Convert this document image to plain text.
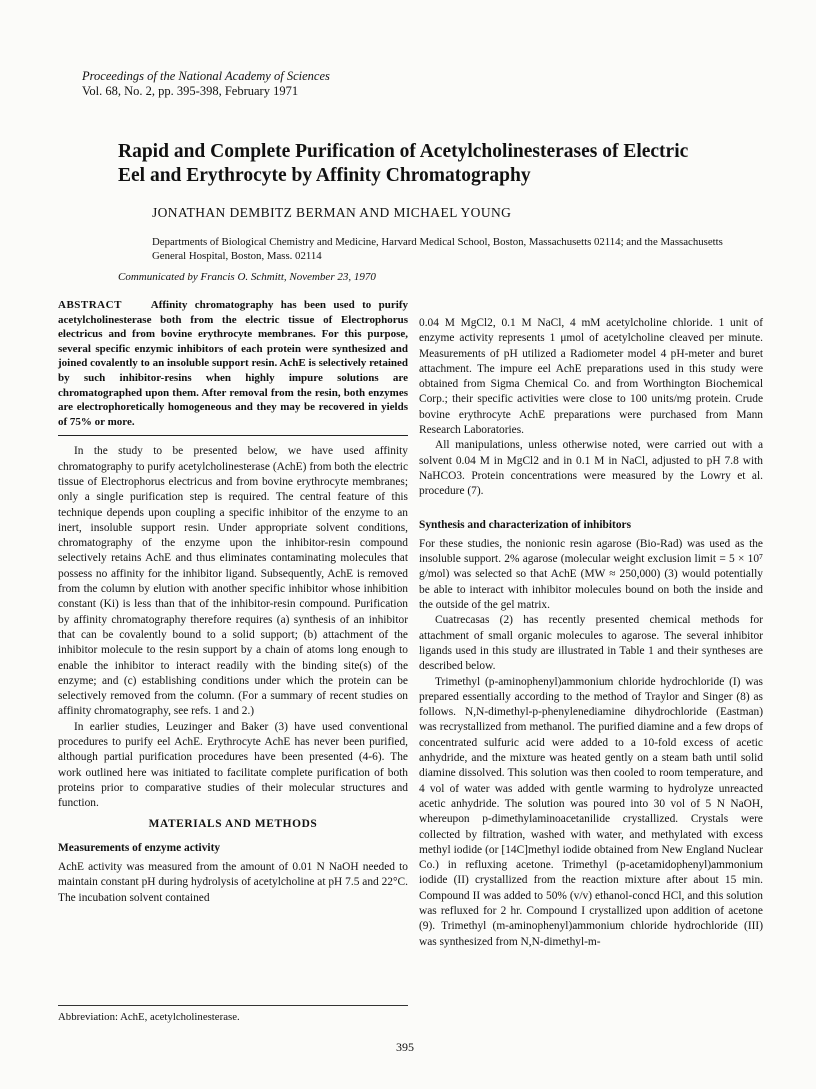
Proceedings of the National Academy of Sciences
Vol. 68, No. 2, pp. 395-398, February 1971
Rapid and Complete Purification of Acetylcholinesterases of Electric Eel and Erythrocyte by Affinity Chromatography
JONATHAN DEMBITZ BERMAN AND MICHAEL YOUNG
Departments of Biological Chemistry and Medicine, Harvard Medical School, Boston, Massachusetts 02114; and the Massachusetts General Hospital, Boston, Mass. 02114
Communicated by Francis O. Schmitt, November 23, 1970
ABSTRACT	Affinity chromatography has been used to purify acetylcholinesterase both from the electric tissue of Electrophorus electricus and from bovine erythrocyte membranes. For this purpose, several specific enzymic inhibitors of each protein were synthesized and joined covalently to an insoluble support resin. AchE is selectively retained by such inhibitor-resins when highly impure solutions are chromatographed upon them. After removal from the resin, both enzymes are electrophoretically homogeneous and they may be recovered in yields of 75% or more.

In the study to be presented below, we have used affinity chromatography to purify acetylcholinesterase (AchE) from both the electric tissue of Electrophorus electricus and from bovine erythrocyte membranes; only a single purification step is required. The central feature of this technique depends upon coupling a specific inhibitor of the enzyme to an inert, insoluble support resin. Under appropriate solvent conditions, chromatography of the enzyme upon the inhibitor-resin compound selectively retains AchE and thus eliminates contaminating molecules that possess no affinity for the inhibitor ligand. Subsequently, AchE is removed from the column by elution with another specific inhibitor whose inhibition constant (Ki) is less than that of the inhibitor-resin compound. Purification by affinity chromatography therefore requires (a) synthesis of an inhibitor that can be covalently bound to a solid support; (b) attachment of the inhibitor molecule to the resin support by a chain of atoms long enough to enable the inhibitor to interact readily with the binding site(s) of the enzyme; and (c) establishing conditions under which the protein can be selectively removed from the column. (For a summary of recent studies on affinity chromatography, see refs. 1 and 2.)

In earlier studies, Leuzinger and Baker (3) have used conventional procedures to purify eel AchE. Erythrocyte AchE has never been purified, although partial purification procedures have been presented (4-6). The work outlined here was initiated to facilitate complete purification of both proteins prior to comparative studies of their molecular structures and function.

MATERIALS AND METHODS
Measurements of enzyme activity

AchE activity was measured from the amount of 0.01 N NaOH needed to maintain constant pH during hydrolysis of acetylcholine at pH 7.5 and 22°C. The incubation solvent contained

0.04 M MgCl2, 0.1 M NaCl, 4 mM acetylcholine chloride. 1 unit of enzyme activity represents 1 μmol of acetylcholine cleaved per minute. Measurements of pH utilized a Radiometer model 4 pH-meter and buret attachment. The impure eel AchE preparations used in this study were obtained from Sigma Chemical Co. and from Worthington Biochemical Corp.; their specific activities were close to 100 units/mg protein. Crude bovine erythrocyte AchE preparations were purchased from Mann Research Laboratories.

All manipulations, unless otherwise noted, were carried out with a solvent 0.04 M in MgCl2 and in 0.1 M in NaCl, adjusted to pH 7.8 with NaHCO3. Protein concentrations were measured by the Lowry et al. procedure (7).

Synthesis and characterization of inhibitors

For these studies, the nonionic resin agarose (Bio-Rad) was used as the insoluble support. 2% agarose (molecular weight exclusion limit = 5 × 10⁷ g/mol) was selected so that AchE (MW ≈ 250,000) (3) would potentially be able to interact with inhibitor molecules bound on both the inside and the outside of the gel matrix.

Cuatrecasas (2) has recently presented chemical methods for attachment of small organic molecules to agarose. The several inhibitor ligands used in this study are illustrated in Table 1 and their syntheses are described below.

Trimethyl (p-aminophenyl)ammonium chloride hydrochloride (I) was prepared essentially according to the method of Traylor and Singer (8) as follows. N,N-dimethyl-p-phenylenediamine dihydrochloride (Eastman) was recrystallized from methanol. The purified diamine and a few drops of concentrated sulfuric acid were added to a 10-fold excess of acetic anhydride, and the mixture was heated gently on a steam bath until solid diamine dissolved. This solution was then cooled to room temperature, and 4 vol of water was added with gentle warming to hydrolyze unreacted acetic anhydride. The solution was poured into 30 vol of 5 N NaOH, whereupon p-dimethylaminoacetanilide crystallized. Crystals were collected by filtration, washed with water, and methylated with excess methyl iodide (or [14C]methyl iodide obtained from New England Nuclear Co.) in refluxing acetone. Trimethyl (p-acetamidophenyl)ammonium iodide (II) crystallized from the reaction mixture after about 15 min. Compound II was added to 50% (v/v) ethanol-concd HCl, and this solution was refluxed for 2 hr. Compound I crystallized upon addition of acetone (9). Trimethyl (m-aminophenyl)ammonium chloride hydrochloride (III) was synthesized from N,N-dimethyl-m-

Abbreviation: AchE, acetylcholinesterase.
395
